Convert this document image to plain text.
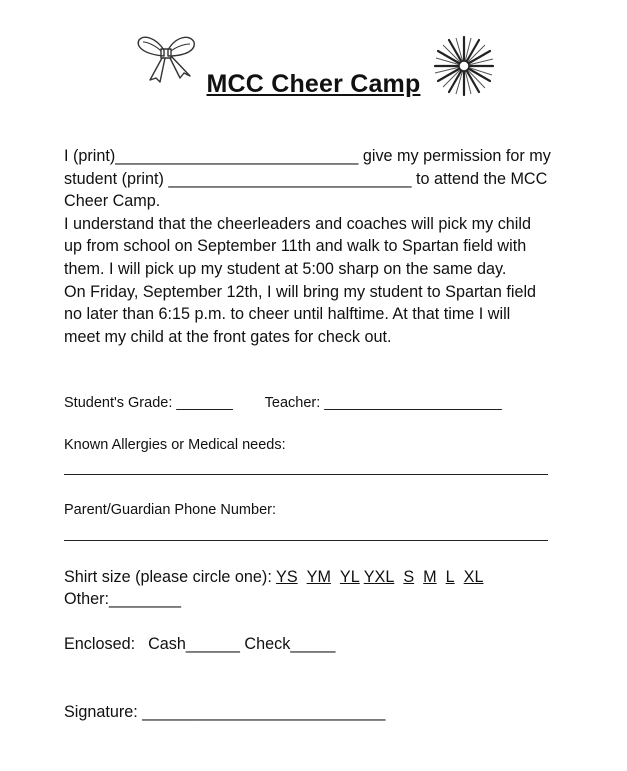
MCC Cheer Camp

I (print)___________________________ give my permission for my

student (print) ___________________________ to attend the MCC

Cheer Camp.

I understand that the cheerleaders and coaches will pick my child

up from school on September 11th and walk to Spartan field with

them. I will pick up my student at 5:00 sharp on the same day.

On Friday, September 12th, I will bring my student to Spartan field

no later than 6:15 p.m. to cheer until halftime. At that time I will

meet my child at the front gates for check out.

Student's Grade: _______ Teacher: ______________________
Known Allergies or Medical needs:
Parent/Guardian Phone Number:
Shirt size (please circle one): YS YM YL YXL S M L XL
Other:________
Enclosed: Cash______ Check_____
Signature: ___________________________
